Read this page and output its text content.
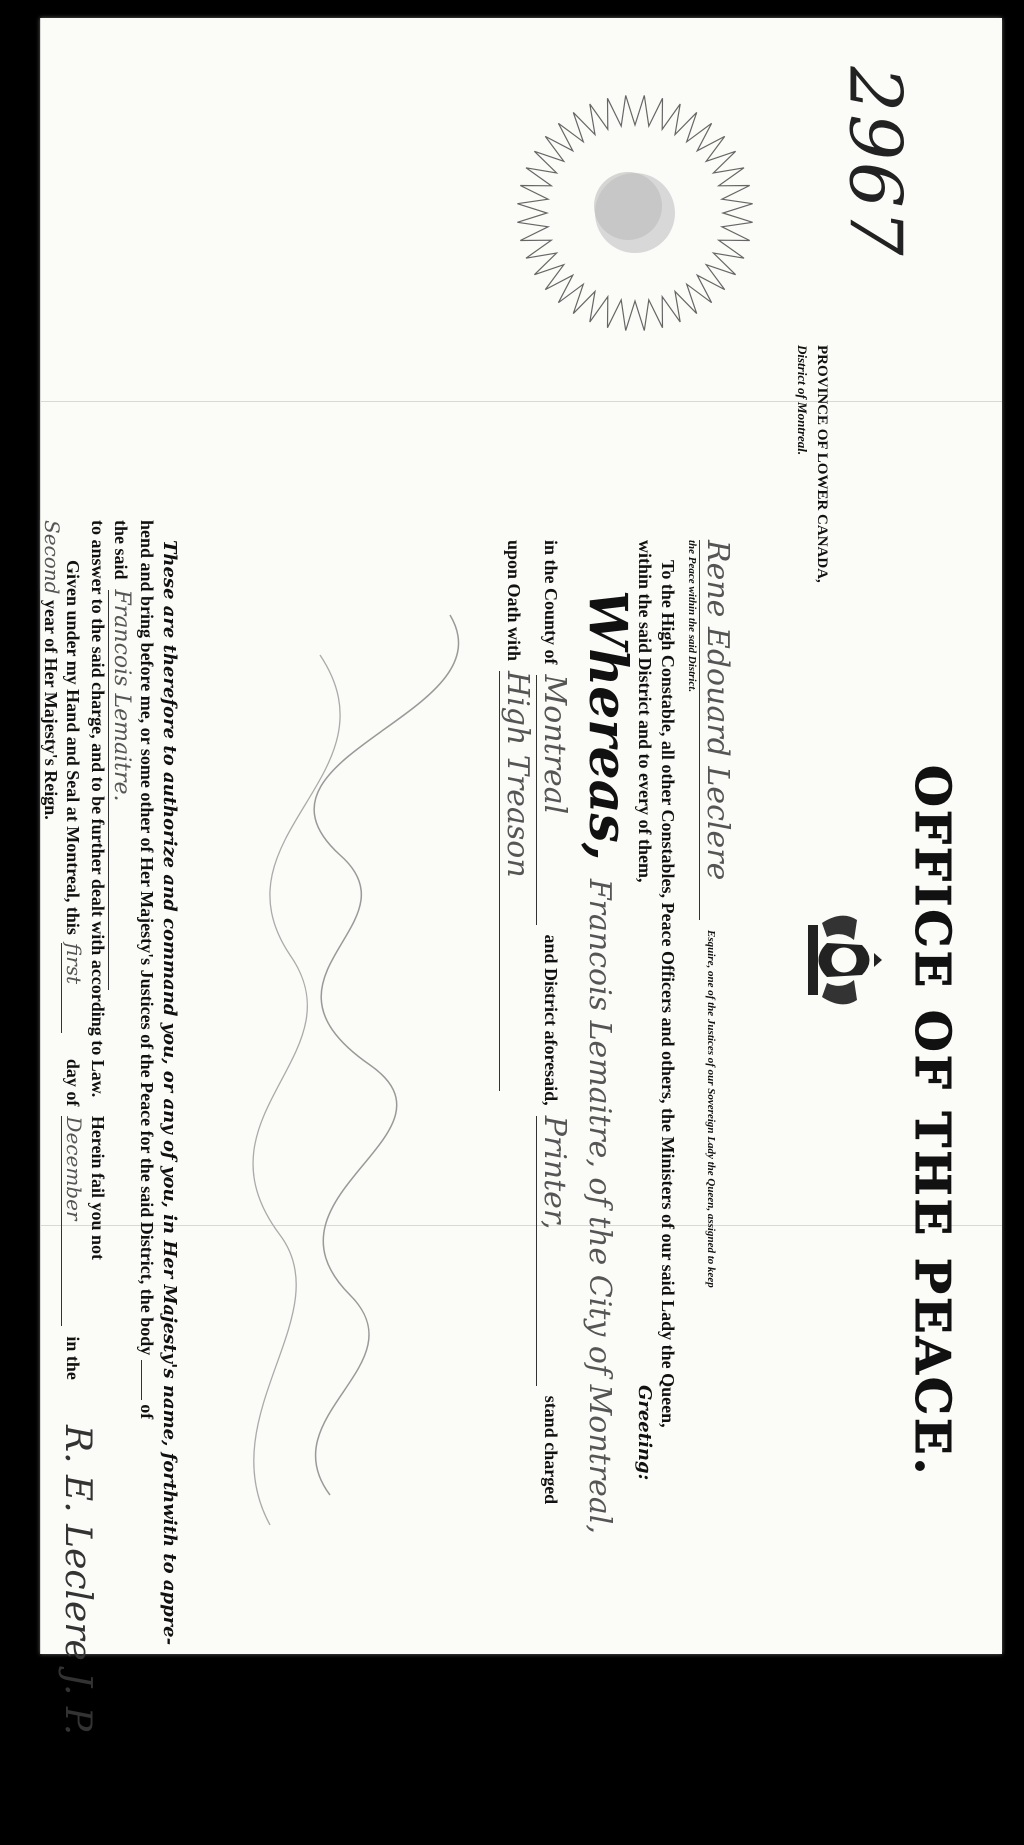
2967
PROVINCE OF LOWER CANADA,
District of Montreal.
OFFICE OF THE PEACE.
Rene Edouard Leclere Esquire, one of the Justices of our Sovereign Lady the Queen, assigned to keep
the Peace within the said District.
To the High Constable, all other Constables, Peace Officers and others, the Ministers of our said Lady the Queen,
within the said District and to every of them,
Greeting:
Whereas, Francois Lemaitre, of the City of Montreal,
in the County of Montreal and District aforesaid, Printer, stand charged
upon Oath with High Treason
These are therefore to authorize and command you, or any of you, in Her Majesty's name, forthwith to appre-
hend and bring before me, or some other of Her Majesty's Justices of the Peace for the said District, the body  of
the said Francois Lemaitre.
to answer to the said charge, and to be further dealt with according to Law. Herein fail you not
Given under my Hand and Seal at Montreal, this first day of December in the
Second year of Her Majesty's Reign.
R. E. Leclere J. P.
